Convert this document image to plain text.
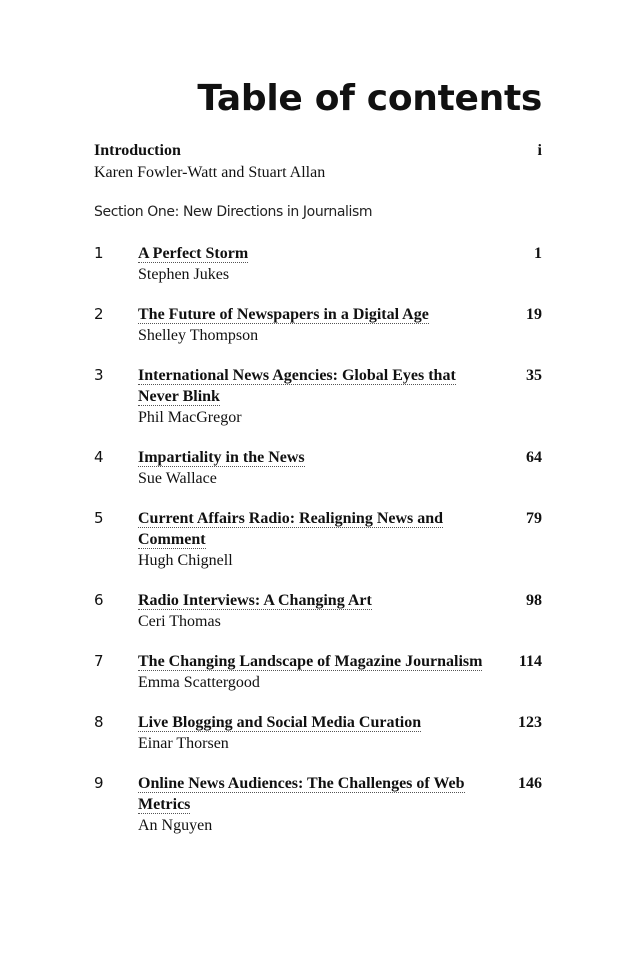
Table of contents
Introduction	i
Karen Fowler-Watt and Stuart Allan
Section One: New Directions in Journalism
1 A Perfect Storm
Stephen Jukes
1
2 The Future of Newspapers in a Digital Age
Shelley Thompson
19
3 International News Agencies: Global Eyes that Never Blink
Phil MacGregor
35
4 Impartiality in the News
Sue Wallace
64
5 Current Affairs Radio: Realigning News and Comment
Hugh Chignell
79
6 Radio Interviews: A Changing Art
Ceri Thomas
98
7 The Changing Landscape of Magazine Journalism
Emma Scattergood
114
8 Live Blogging and Social Media Curation
Einar Thorsen
123
9 Online News Audiences: The Challenges of Web Metrics
An Nguyen
146
